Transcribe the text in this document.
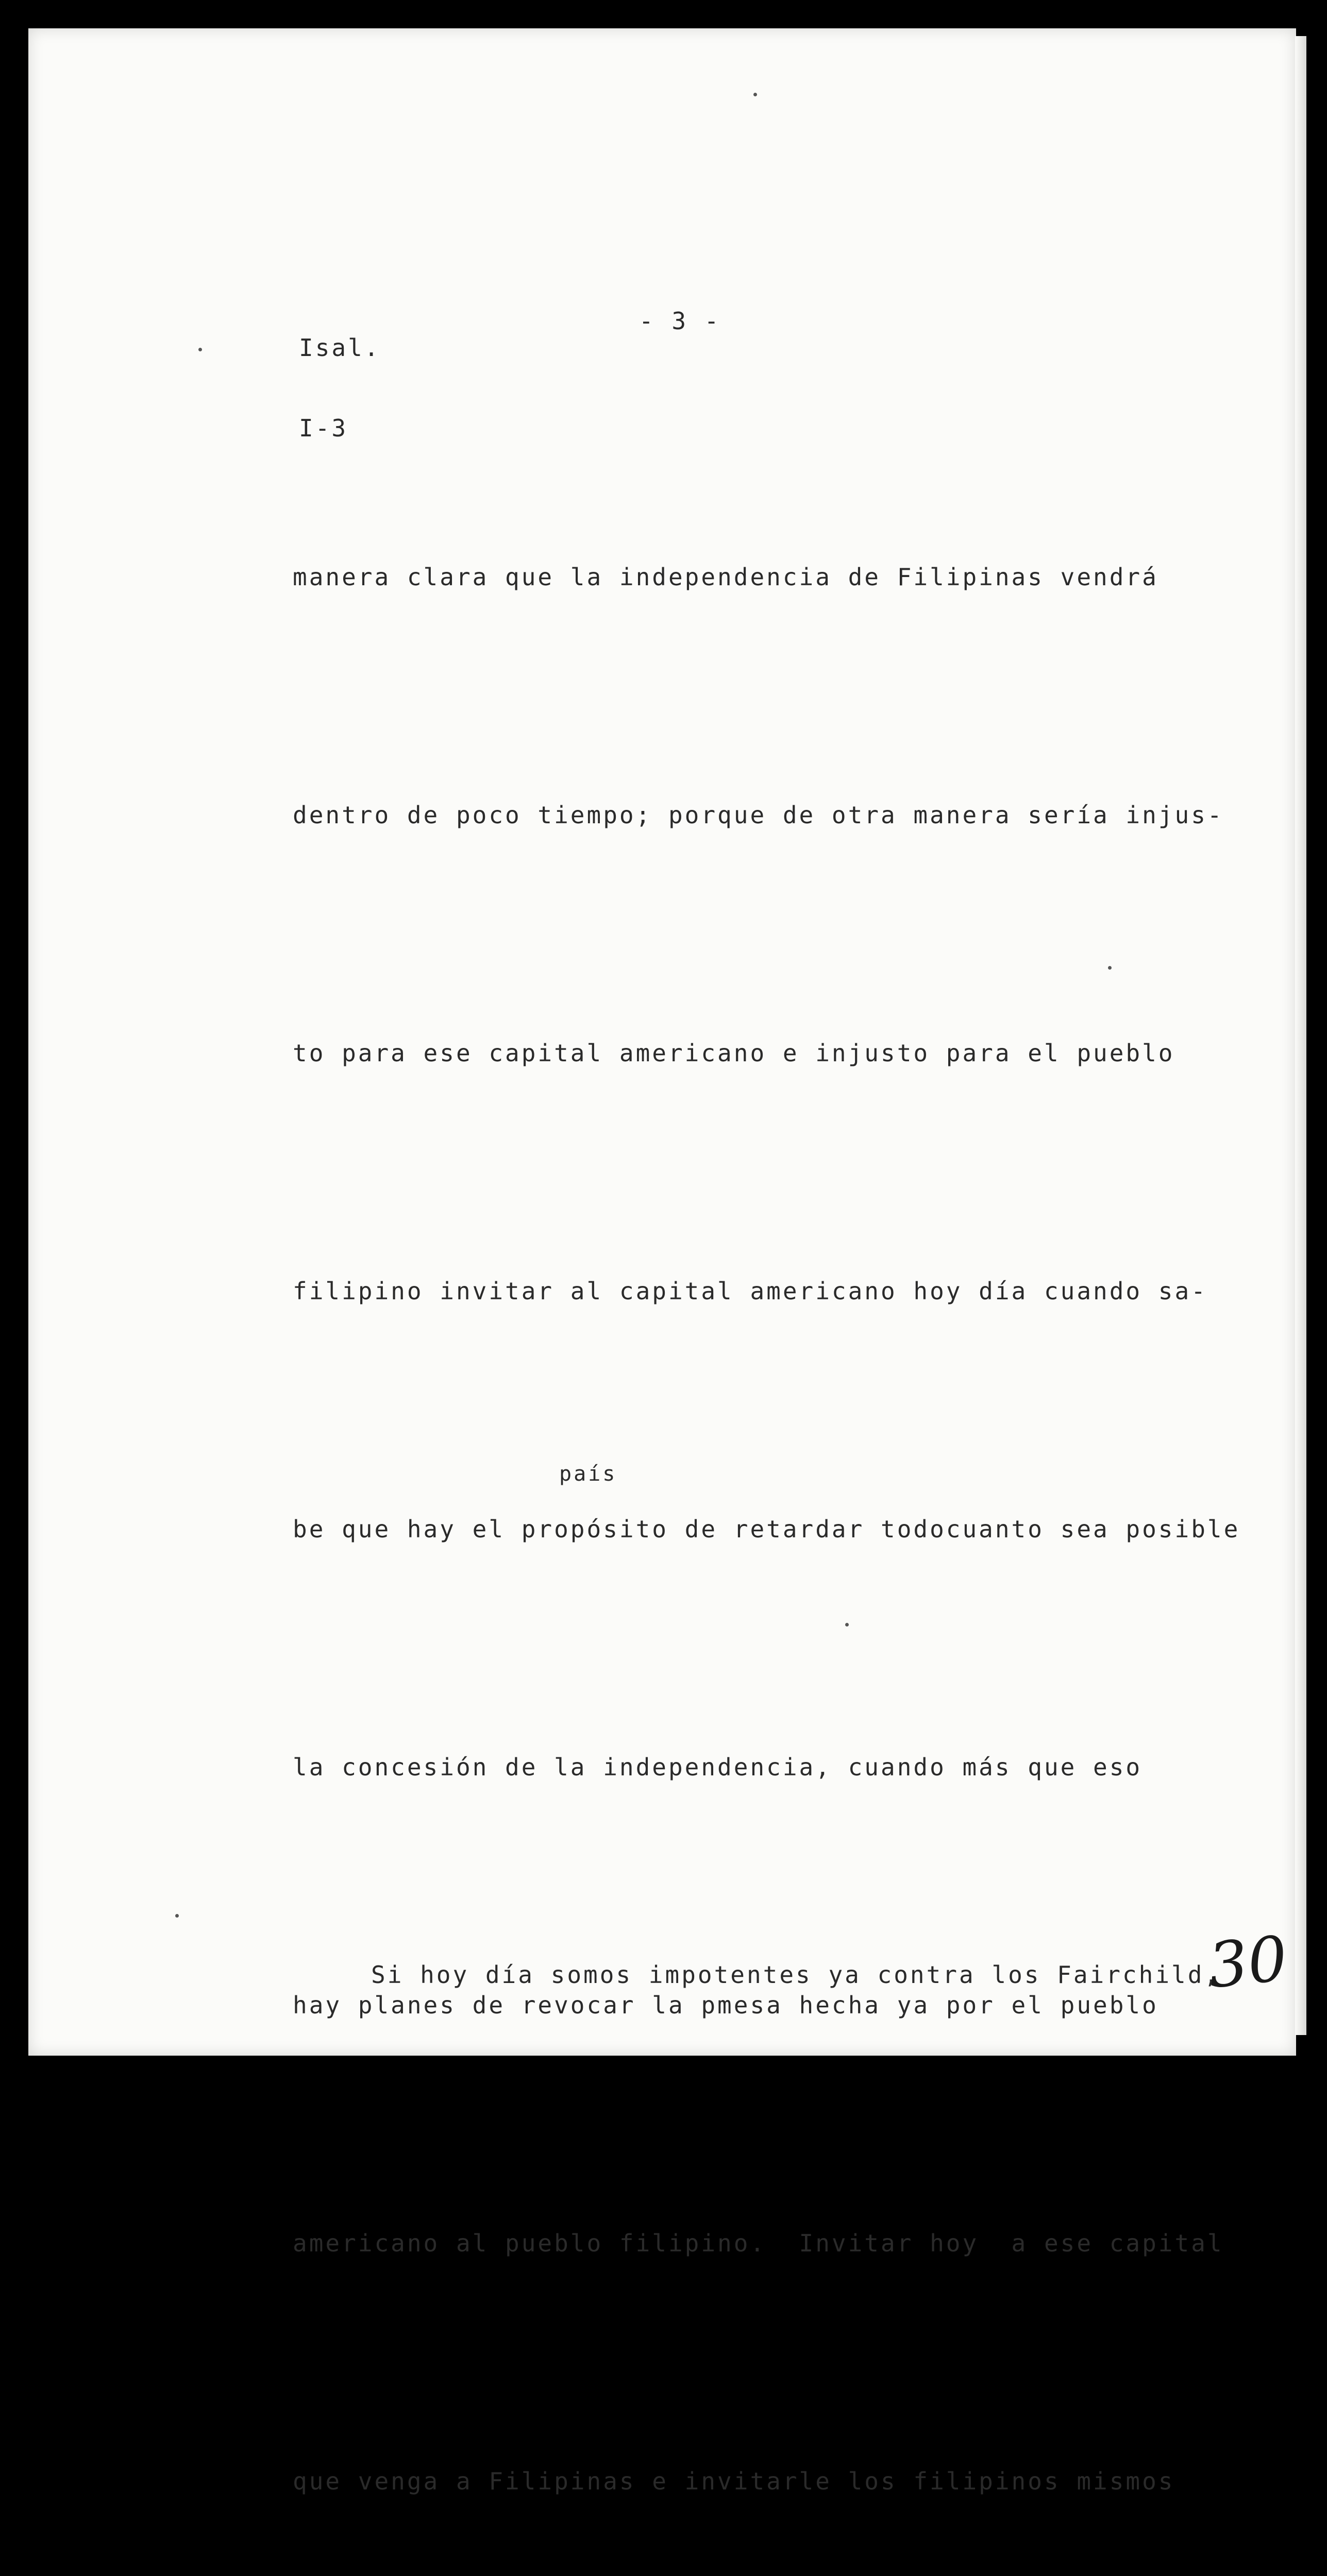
Isal.

I-3

- 3 -

manera clara que la independencia de Filipinas vendrá

dentro de poco tiempo; porque de otra manera sería injus-

to para ese capital americano e injusto para el pueblo

filipino invitar al capital americano hoy día cuando sa-

be que hay el propósito de retardar todocuanto sea posible

la concesión de la independencia, cuando más que eso

hay planes de revocar la pmesa hecha ya por el pueblo

americano al pueblo filipino.  Invitar hoy  a ese capital

que venga a Filipinas e invitarle los filipinos mismos

país
Si hoy día somos impotentes ya contra los Fairchild,
30
